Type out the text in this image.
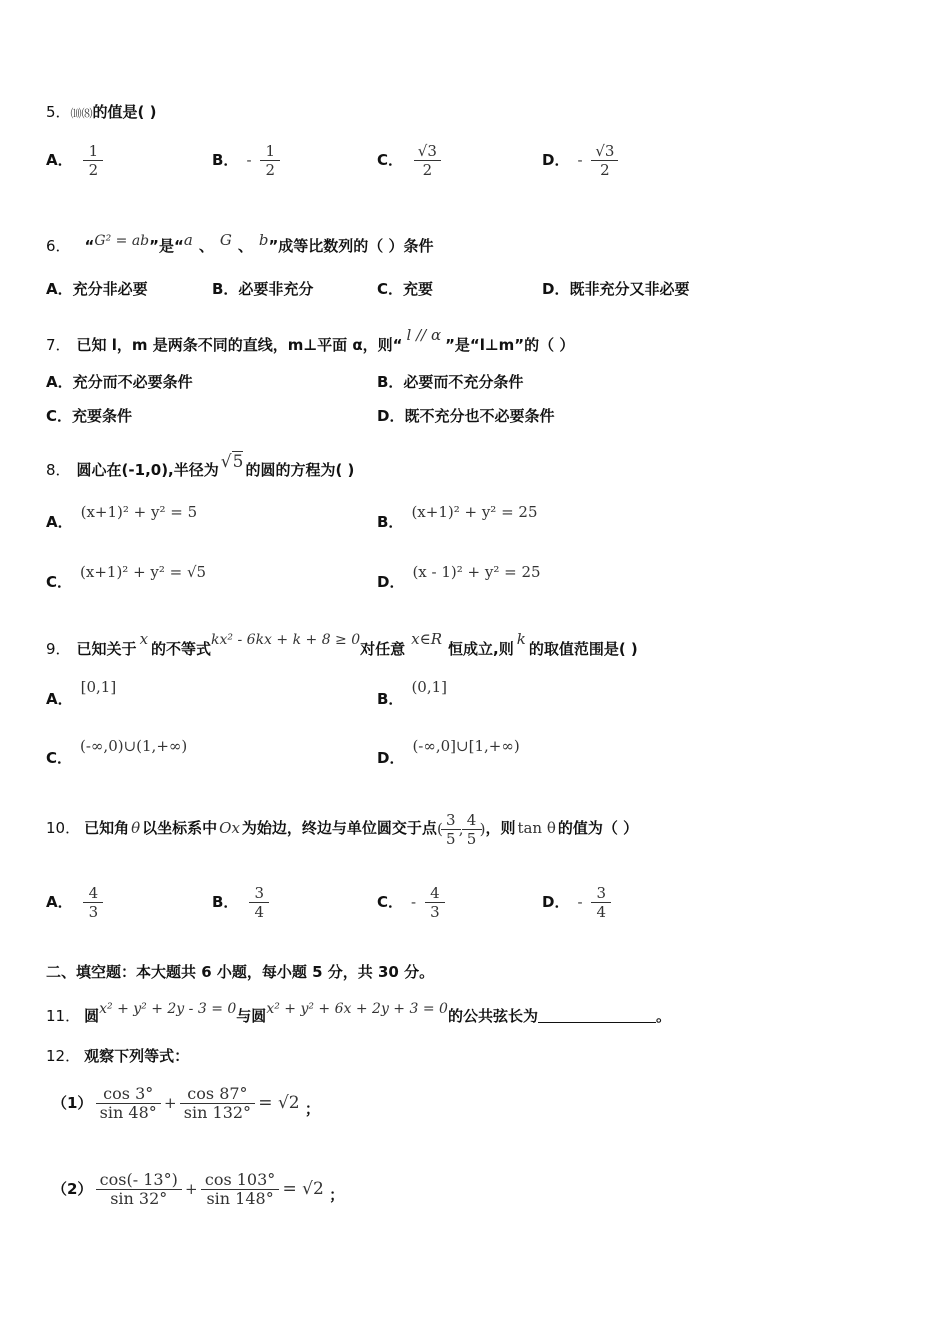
5．⑽⑻的值是( )
A． $\frac{1}{2}$	B． - $\frac{1}{2}$	C． $\frac{√3}{2}$	D． - $\frac{√3}{2}$
6． “G² = ab”是“a 、 G 、 b”成等比数列的（ ）条件
A．充分非必要	B．必要非充分	C．充要	D．既非充分又非必要
7． 已知 l，m 是两条不同的直线，m⊥平面 α，则“l // α”是“l⊥m”的（ ）
A．充分而不必要条件	B．必要而不充分条件
C．充要条件	D．既不充分也不必要条件
8． 圆心在(-1,0),半径为 √5 的圆的方程为( )
A．(x+1)² + y² = 5
B．(x+1)² + y² = 25
C．(x+1)² + y² = √5
D．(x - 1)² + y² = 25
9． 已知关于x的不等式kx² - 6kx + k + 8 ≥ 0对任意x∈R恒成立,则k的取值范围是( )
A．[0,1]
B．(0,1]
C．(-∞,0)∪(1,+∞)
D．(-∞,0]∪[1,+∞)
10． 已知角 θ 以坐标系中 Ox 为始边，终边与单位圆交于点( $\frac{3}{5}$ , $\frac{4}{5}$ )，则 tan θ 的值为（ ）
A． $\frac{4}{3}$	B． $\frac{3}{4}$	C． - $\frac{4}{3}$	D． - $\frac{3}{4}$
二、填空题：本大题共 6 小题，每小题 5 分，共 30 分。
11． 圆x² + y² + 2y - 3 = 0与圆x² + y² + 6x + 2y + 3 = 0的公共弦长为	。
12． 观察下列等式：
$(1) \frac{\cos 3^\circ}{\sin 48^\circ} + \frac{\cos 87^\circ}{\sin 132^\circ} = √2$ ；
$(2) \frac{\cos(- 13^\circ)}{\sin 32^\circ} + \frac{\cos 103^\circ}{\sin 148^\circ} = √2$ ；
